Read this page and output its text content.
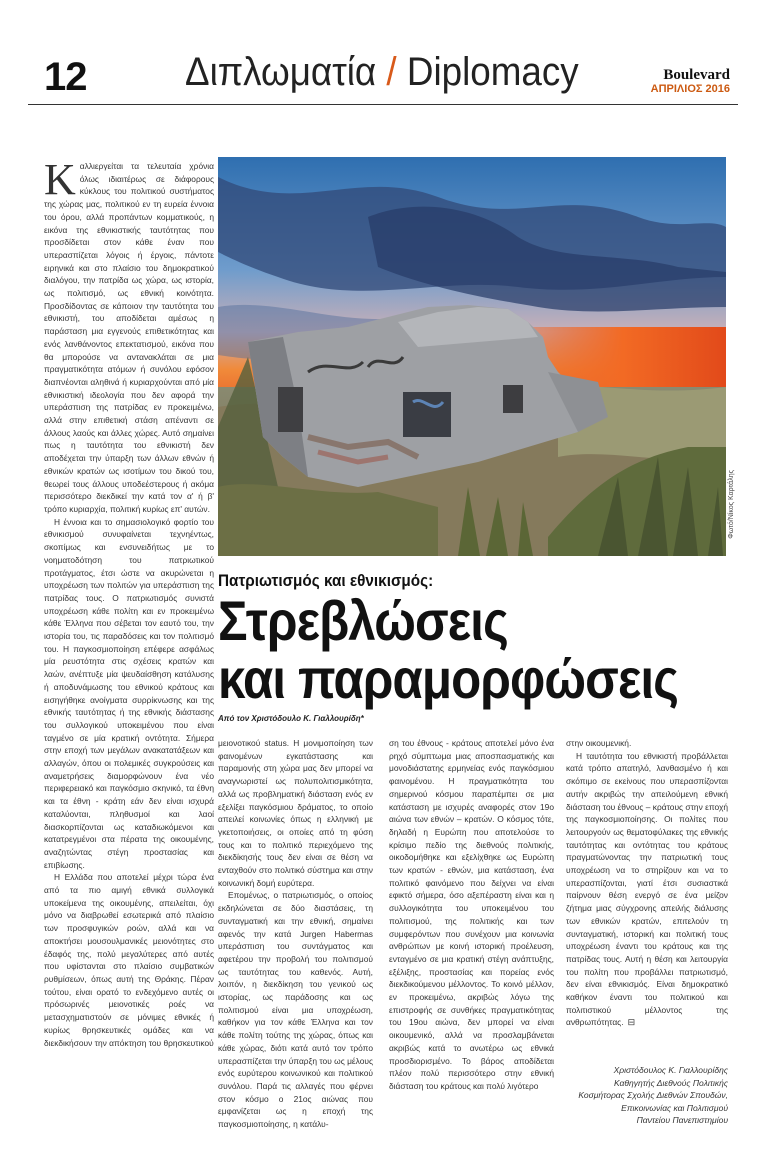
12 Διπλωματία / Diplomacy	Boulevard
ΑΠΡΙΛΙΟΣ 2016
Φωτό/Νίκος Καρτάλης
Πατριωτισμός και εθνικισμός:
Στρεβλώσεις
και παραμορφώσεις
Από τον Χριστόδουλο Κ. Γιαλλουρίδη*

Καλλιεργείται τα τελευταία χρόνια όλως ιδιαιτέρως σε διάφορους κύκλους του πολιτικού συστήματος της χώρας μας, πολιτικού εν τη ευρεία έννοια του όρου, αλλά προπάντων κομματικούς, η εικόνα της εθνικιστικής ταυτότητας που προσδίδεται στον κάθε έναν που υπερασπίζεται λόγοις ή έργοις, πάντοτε ειρηνικά και στο πλαίσιο του δημοκρατικού διαλόγου, την πατρίδα ως χώρα, ως ιστορία, ως πολιτισμό, ως εθνική κοινότητα. Προσδίδοντας σε κάποιον την ταυτότητα του εθνικιστή, του αποδίδεται αμέσως η παράσταση μια εγγενούς επιθετικότητας και ενός λανθάνοντος επεκτατισμού, εικόνα που θα μπορούσε να αντανακλάται σε μια πραγματικότητα ατόμων ή συνόλου εφόσον διαπνέονται αληθινά ή κυριαρχούνται από μία εθνικιστική ιδεολογία που δεν αφορά την υπεράσπιση της πατρίδας εν προκειμένω, αλλά στην επιθετική στάση απέναντι σε άλλους λαούς και άλλες χώρες. Αυτό σημαίνει πως η ταυτότητα του εθνικιστή δεν αποδέχεται την ύπαρξη των άλλων εθνών ή εθνικών κρατών ως ισοτίμων του δικού του, θεωρεί τους άλλους υποδεέστερους ή ακόμα περισσότερο διεκδικεί την κατά τον α' ή β' τρόπο κυριαρχία, πολιτική κυρίως επ' αυτών.

Η έννοια και το σημασιολογικό φορτίο του εθνικισμού συνυφαίνεται τεχνηέντως, σκοπίμως και ενσυνειδήτως με το νοηματοδότηση του πατριωτικού προτάγματος, έτσι ώστε να ακυρώνεται η υποχρέωση των πολιτών για υπεράσπιση της πατρίδας τους. Ο πατριωτισμός συνιστά υποχρέωση κάθε πολίτη και εν προκειμένω κάθε Έλληνα που σέβεται τον εαυτό του, την ιστορία του, τις παραδόσεις και τον πολιτισμό του. Η παγκοσμιοποίηση επέφερε ασφάλως μία ρευστότητα στις σχέσεις κρατών και λαών, ανέπτυξε μία ψευδαίσθηση κατάλυσης ή αποδυνάμωσης του εθνικού κράτους και εισηγήθηκε ανοίγματα συρρίκνωσης και της εθνικής ταυτότητας ή της εθνικής διάστασης του συλλογικού υποκειμένου που είναι ταγμένο σε μία κρατική οντότητα. Σήμερα στην εποχή των μεγάλων ανακατατάξεων και αλλαγών, όπου οι πολεμικές συγκρούσεις και αναμετρήσεις διαμορφώνουν ένα νέο περιφερειακό και παγκόσμιο σκηνικό, τα έθνη και τα έθνη - κράτη εάν δεν είναι ισχυρά καταλύονται, πληθυσμοί και λαοί διασκορπίζονται ως καταδιωκόμενοι και κατατρεγμένοι στα πέρατα της οικουμένης, αναζητώντας στέγη προστασίας και επιβίωσης.

Η Ελλάδα που αποτελεί μέχρι τώρα ένα από τα πιο αμιγή εθνικά συλλογικά υποκείμενα της οικουμένης, απειλείται, όχι μόνο να διαβρωθεί εσωτερικά από πλαίσιο των προσφυγικών ροών, αλλά και να αποκτήσει μουσουλμανικές μειονότητες στο έδαφός της, πολύ μεγαλύτερες από αυτές που υφίστανται στο πλαίσιο συμβατικών ρυθμίσεων, όπως αυτή της Θράκης. Πέραν τούτου, είναι ορατό το ενδεχόμενο αυτές οι πρόσωρινές μειονοτικές ροές να μετασχηματιστούν σε μόνιμες εθνικές ή κυρίως θρησκευτικές ομάδες και να διεκδικήσουν την απόκτηση του θρησκευτικού

μειονοτικού status. Η μονιμοποίηση των φαινομένων εγκατάστασης και παραμονής στη χώρα μας δεν μπορεί να αναγνωριστεί ως πολυπολιτισμικότητα, αλλά ως προβληματική διάσταση ενός εν εξελίξει παγκόσμιου δράματος, το οποίο απειλεί κοινωνίες όπως η ελληνική με γκετοποιήσεις, οι οποίες από τη φύση τους και το πολιτικό περιεχόμενο της διεκδίκησής τους δεν είναι σε θέση να ενταχθούν στο πολιτικό σύστημα και στην κοινωνική δομή ευρύτερα.

Επομένως, ο πατριωτισμός, ο οποίος εκδηλώνεται σε δύο διαστάσεις, τη συνταγματική και την εθνική, σημαίνει αφενός την κατά Jurgen Habermas υπεράσπιση του συντάγματος και αφετέρου την προβολή του πολιτισμού ως ταυτότητας του καθενός. Αυτή, λοιπόν, η διεκδίκηση του γενικού ως ιστορίας, ως παράδοσης και ως πολιτισμού είναι μια υποχρέωση, καθήκον για τον κάθε Έλληνα και τον κάθε πολίτη τούτης της χώρας, όπως και κάθε χώρας, διότι κατά αυτό τον τρόπο υπερασπίζεται την ύπαρξη του ως μέλους ενός ευρύτερου κοινωνικού και πολιτικού συνόλου. Παρά τις αλλαγές που φέρνει στον κόσμο ο 21ος αιώνας που εμφανίζεται ως η εποχή της παγκοσμιοποίησης, η κατάλυ-

ση του έθνους - κράτους αποτελεί μόνο ένα ρηχό σύμπτωμα μιας αποσπασματικής και μονοδιάστατης ερμηνείας ενός παγκόσμιου φαινομένου. Η πραγματικότητα του σημερινού κόσμου παραπέμπει σε μια κατάσταση με ισχυρές αναφορές στον 19ο αιώνα των εθνών – κρατών. Ο κόσμος τότε, δηλαδή η Ευρώπη που αποτελούσε το κρίσιμο πεδίο της διεθνούς πολιτικής, οικοδομήθηκε και εξελίχθηκε ως Ευρώπη των κρατών - εθνών, μια κατάσταση, ένα πολιτικό φαινόμενο που δείχνει να είναι εφικτό σήμερα, όσο αξεπέραστη είναι και η συλλογικότητα του υποκειμένου του πολιτισμού, της πολιτικής και των συμφερόντων που συνέχουν μια κοινωνία ανθρώπων με κοινή ιστορική προέλευση, ενταγμένο σε μια κρατική στέγη ανάπτυξης, εξέλιξης, προστασίας και πορείας ενός διεκδικούμενου μέλλοντος. Το κοινό μέλλον, εν προκειμένω, ακριβώς λόγω της επιστροφής σε συνθήκες πραγματικότητας του 19ου αιώνα, δεν μπορεί να είναι οικουμενικό, αλλά να προσλαμβάνεται ακριβώς κατά το ανωτέρω ως εθνικά προσδιορισμένο. Το βάρος αποδίδεται πλέον πολύ περισσότερο στην εθνική διάσταση του κράτους και πολύ λιγότερο

στην οικουμενική.

Η ταυτότητα του εθνικιστή προβάλλεται κατά τρόπο απατηλό, λανθασμένο ή και σκόπιμο σε εκείνους που υπερασπίζονται αυτήν ακριβώς την απειλούμενη εθνική διάσταση του έθνους – κράτους στην εποχή της παγκοσμιοποίησης. Οι πολίτες που λειτουργούν ως θεματοφύλακες της εθνικής ταυτότητας και οντότητας του κράτους πραγματώνοντας την πατριωτική τους υποχρέωση να το στηρίζουν και να το υπερασπίζονται, γιατί έτσι συσιαστικά παίρνουν θέση ενεργό σε ένα μείζον ζήτημα μιας σύγχρονης απειλής διάλυσης των εθνικών κρατών, επιτελούν τη συνταγματική, ιστορική και πολιτική τους υποχρέωση έναντι του κράτους και της πατρίδας τους. Αυτή η θέση και λειτουργία του πολίτη που προβάλλει πατριωτισμό, δεν είναι εθνικισμός. Είναι δημοκρατικό καθήκον έναντι του πολιτικού και πολιτιστικού μέλλοντος της ανθρωπότητας. ⊟

Χριστόδουλος Κ. Γιαλλουρίδης
Καθηγητής Διεθνούς Πολιτικής
Κοσμήτορας Σχολής Διεθνών Σπουδών,
Επικοινωνίας και Πολιτισμού
Παντείου Πανεπιστημίου
